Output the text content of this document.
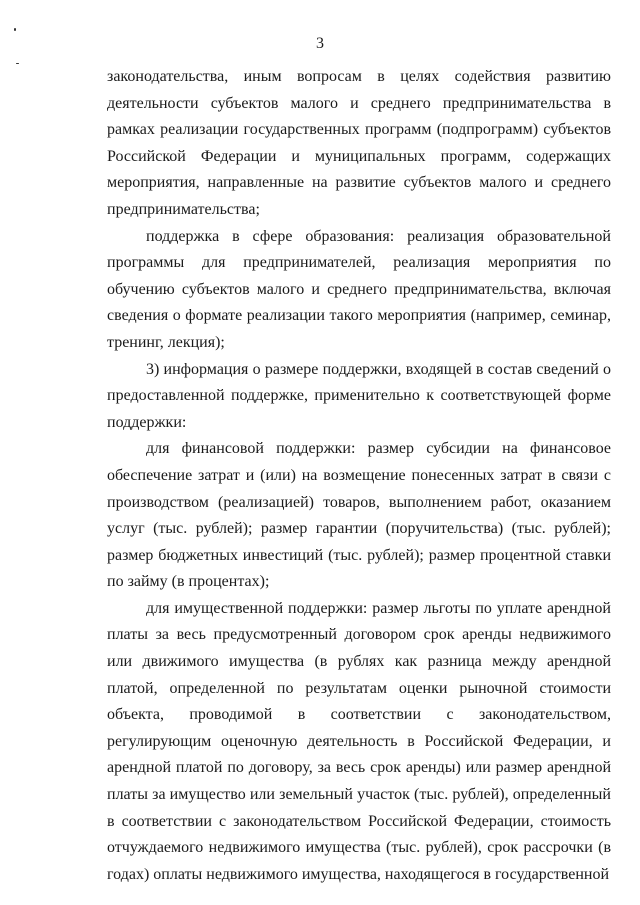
3

законодательства, иным вопросам в целях содействия развитию деятельности субъектов малого и среднего предпринимательства в рамках реализации государственных программ (подпрограмм) субъектов Российской Федерации и муниципальных программ, содержащих мероприятия, направленные на развитие субъектов малого и среднего предпринимательства;

поддержка в сфере образования: реализация образовательной программы для предпринимателей, реализация мероприятия по обучению субъектов малого и среднего предпринимательства, включая сведения о формате реализации такого мероприятия (например, семинар, тренинг, лекция);

3) информация о размере поддержки, входящей в состав сведений о предоставленной поддержке, применительно к соответствующей форме поддержки:

для финансовой поддержки: размер субсидии на финансовое обеспечение затрат и (или) на возмещение понесенных затрат в связи с производством (реализацией) товаров, выполнением работ, оказанием услуг (тыс. рублей); размер гарантии (поручительства) (тыс. рублей); размер бюджетных инвестиций (тыс. рублей); размер процентной ставки по займу (в процентах);

для имущественной поддержки: размер льготы по уплате арендной платы за весь предусмотренный договором срок аренды недвижимого или движимого имущества (в рублях как разница между арендной платой, определенной по результатам оценки рыночной стоимости объекта, проводимой в соответствии с законодательством, регулирующим оценочную деятельность в Российской Федерации, и арендной платой по договору, за весь срок аренды) или размер арендной платы за имущество или земельный участок (тыс. рублей), определенный в соответствии с законодательством Российской Федерации, стоимость отчуждаемого недвижимого имущества (тыс. рублей), срок рассрочки (в годах) оплаты недвижимого имущества, находящегося в государственной
